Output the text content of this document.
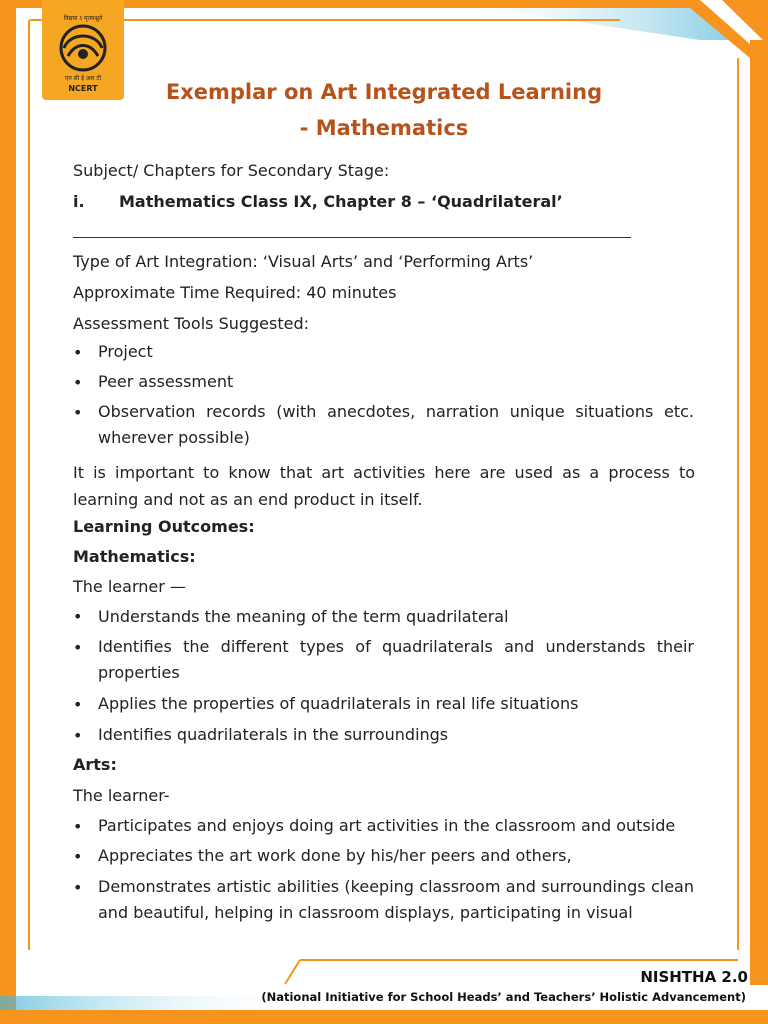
विद्यया ऽ मृतमश्नुते
एन सी ई आर टी
NCERT	Exemplar on Art Integrated Learning
- Mathematics
Subject/ Chapters for Secondary Stage:
i. Mathematics Class IX, Chapter 8 – ‘Quadrilateral’
Type of Art Integration: ‘Visual Arts’ and ‘Performing Arts’
Approximate Time Required: 40 minutes
Assessment Tools Suggested:
• Project
• Peer assessment
• Observation records (with anecdotes, narration unique situations etc. wherever possible)
It is important to know that art activities here are used as a process to learning and not as an end product in itself.
Learning Outcomes:
Mathematics:
The learner —
• Understands the meaning of the term quadrilateral
• Identifies the different types of quadrilaterals and understands their properties
• Applies the properties of quadrilaterals in real life situations
• Identifies quadrilaterals in the surroundings
Arts:
The learner-
• Participates and enjoys doing art activities in the classroom and outside
• Appreciates the art work done by his/her peers and others,
• Demonstrates artistic abilities (keeping classroom and surroundings clean and beautiful, helping in classroom displays, participating in visual
NISHTHA 2.0
(National Initiative for School Heads’ and Teachers’ Holistic Advancement)
